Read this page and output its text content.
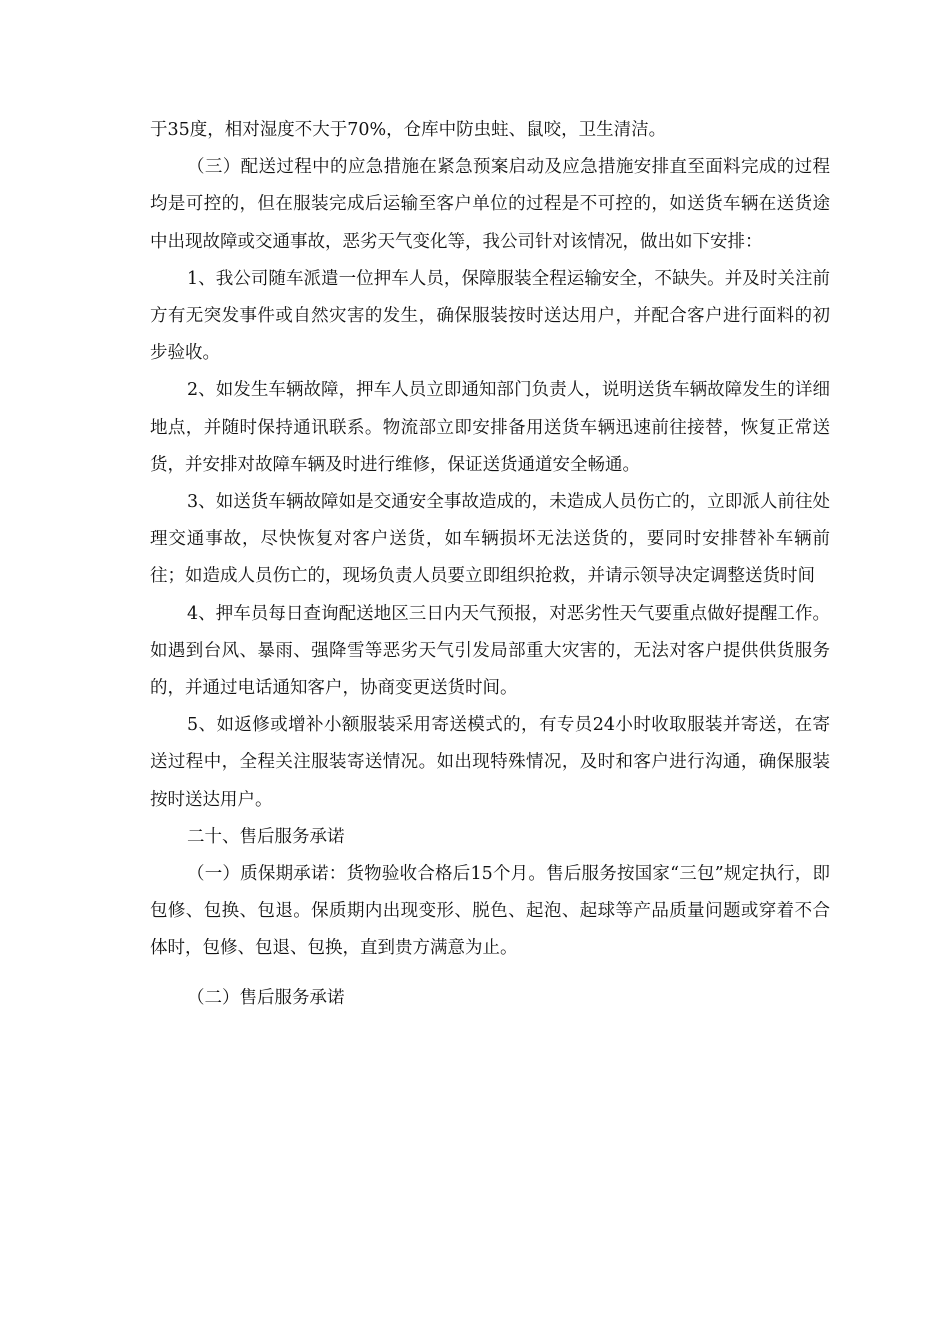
于35度，相对湿度不大于70%，仓库中防虫蛀、鼠咬，卫生清洁。

（三）配送过程中的应急措施在紧急预案启动及应急措施安排直至面料完成的过程均是可控的，但在服装完成后运输至客户单位的过程是不可控的，如送货车辆在送货途中出现故障或交通事故，恶劣天气变化等，我公司针对该情况，做出如下安排：

1、我公司随车派遣一位押车人员，保障服装全程运输安全，不缺失。并及时关注前方有无突发事件或自然灾害的发生，确保服装按时送达用户，并配合客户进行面料的初步验收。

2、如发生车辆故障，押车人员立即通知部门负责人，说明送货车辆故障发生的详细地点，并随时保持通讯联系。物流部立即安排备用送货车辆迅速前往接替，恢复正常送货，并安排对故障车辆及时进行维修，保证送货通道安全畅通。

3、如送货车辆故障如是交通安全事故造成的，未造成人员伤亡的，立即派人前往处理交通事故，尽快恢复对客户送货，如车辆损坏无法送货的，要同时安排替补车辆前往；如造成人员伤亡的，现场负责人员要立即组织抢救，并请示领导决定调整送货时间

4、押车员每日查询配送地区三日内天气预报，对恶劣性天气要重点做好提醒工作。如遇到台风、暴雨、强降雪等恶劣天气引发局部重大灾害的，无法对客户提供供货服务的，并通过电话通知客户，协商变更送货时间。

5、如返修或增补小额服装采用寄送模式的，有专员24小时收取服装并寄送，在寄送过程中，全程关注服装寄送情况。如出现特殊情况，及时和客户进行沟通，确保服装按时送达用户。

二十、售后服务承诺

（一）质保期承诺：货物验收合格后15个月。售后服务按国家“三包”规定执行，即包修、包换、包退。保质期内出现变形、脱色、起泡、起球等产品质量问题或穿着不合体时，包修、包退、包换，直到贵方满意为止。

（二）售后服务承诺
